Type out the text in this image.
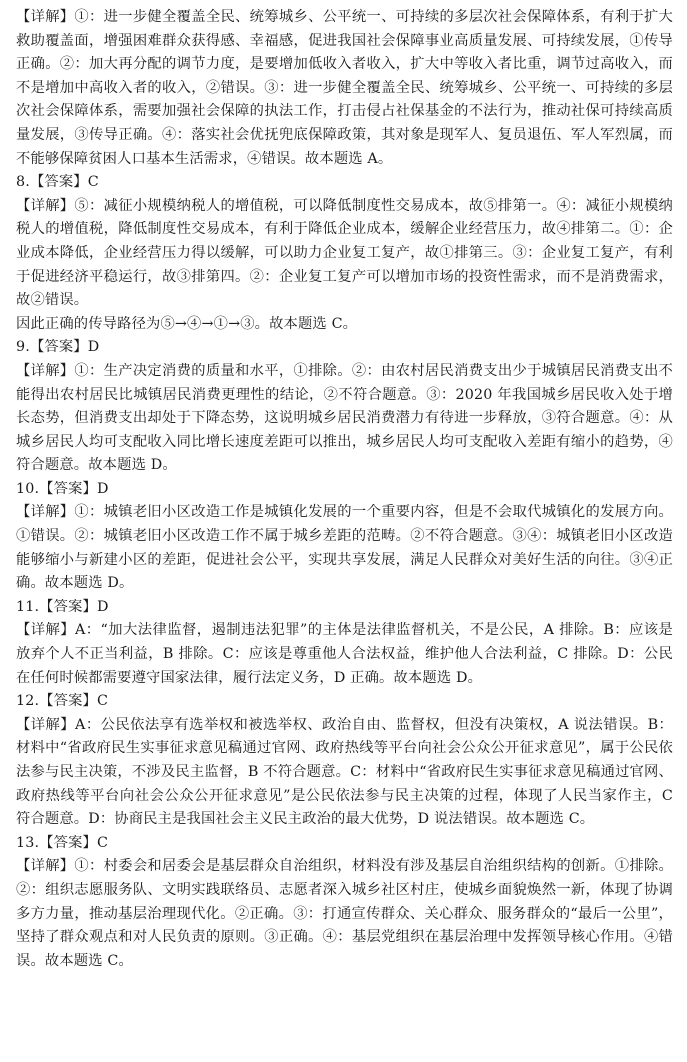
【详解】①：进一步健全覆盖全民、统筹城乡、公平统一、可持续的多层次社会保障体系，有利于扩大救助覆盖面，增强困难群众获得感、幸福感，促进我国社会保障事业高质量发展、可持续发展，①传导正确。②：加大再分配的调节力度，是要增加低收入者收入，扩大中等收入者比重，调节过高收入，而不是增加中高收入者的收入，②错误。③：进一步健全覆盖全民、统筹城乡、公平统一、可持续的多层次社会保障体系，需要加强社会保障的执法工作，打击侵占社保基金的不法行为，推动社保可持续高质量发展，③传导正确。④：落实社会优抚兜底保障政策，其对象是现军人、复员退伍、军人军烈属，而不能够保障贫困人口基本生活需求，④错误。故本题选 A。

8.【答案】C

【详解】⑤：减征小规模纳税人的增值税，可以降低制度性交易成本，故⑤排第一。④：减征小规模纳税人的增值税，降低制度性交易成本，有利于降低企业成本，缓解企业经营压力，故④排第二。①：企业成本降低，企业经营压力得以缓解，可以助力企业复工复产，故①排第三。③：企业复工复产，有利于促进经济平稳运行，故③排第四。②：企业复工复产可以增加市场的投资性需求，而不是消费需求，故②错误。

因此正确的传导路径为⑤→④→①→③。故本题选 C。

9.【答案】D

【详解】①：生产决定消费的质量和水平，①排除。②：由农村居民消费支出少于城镇居民消费支出不能得出农村居民比城镇居民消费更理性的结论，②不符合题意。③：2020 年我国城乡居民收入处于增长态势，但消费支出却处于下降态势，这说明城乡居民消费潜力有待进一步释放，③符合题意。④：从城乡居民人均可支配收入同比增长速度差距可以推出，城乡居民人均可支配收入差距有缩小的趋势，④符合题意。故本题选 D。

10.【答案】D

【详解】①：城镇老旧小区改造工作是城镇化发展的一个重要内容，但是不会取代城镇化的发展方向。①错误。②：城镇老旧小区改造工作不属于城乡差距的范畴。②不符合题意。③④：城镇老旧小区改造能够缩小与新建小区的差距，促进社会公平，实现共享发展，满足人民群众对美好生活的向往。③④正确。故本题选 D。

11.【答案】D

【详解】A：“加大法律监督，遏制违法犯罪”的主体是法律监督机关，不是公民，A 排除。B：应该是放弃个人不正当利益，B 排除。C：应该是尊重他人合法权益，维护他人合法利益，C 排除。D：公民在任何时候都需要遵守国家法律，履行法定义务，D 正确。故本题选 D。

12.【答案】C

【详解】A：公民依法享有选举权和被选举权、政治自由、监督权，但没有决策权，A 说法错误。B：材料中“省政府民生实事征求意见稿通过官网、政府热线等平台向社会公众公开征求意见”，属于公民依法参与民主决策，不涉及民主监督，B 不符合题意。C：材料中“省政府民生实事征求意见稿通过官网、政府热线等平台向社会公众公开征求意见”是公民依法参与民主决策的过程，体现了人民当家作主，C 符合题意。D：协商民主是我国社会主义民主政治的最大优势，D 说法错误。故本题选 C。

13.【答案】C

【详解】①：村委会和居委会是基层群众自治组织，材料没有涉及基层自治组织结构的创新。①排除。②：组织志愿服务队、文明实践联络员、志愿者深入城乡社区村庄，使城乡面貌焕然一新，体现了协调多方力量，推动基层治理现代化。②正确。③：打通宣传群众、关心群众、服务群众的“最后一公里”，坚持了群众观点和对人民负责的原则。③正确。④：基层党组织在基层治理中发挥领导核心作用。④错误。故本题选 C。
